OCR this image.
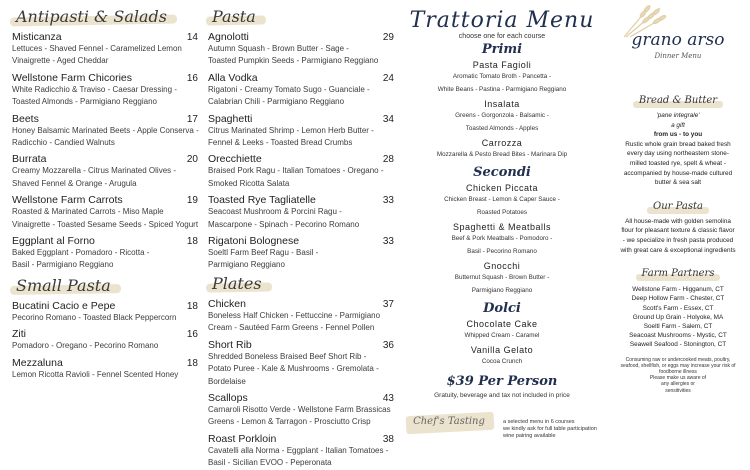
Antipasti & Salads
Misticanza	14
Lettuces - Shaved Fennel - Caramelized Lemon
Vinaigrette - Aged Cheddar
Wellstone Farm Chicories	16
White Radicchio & Traviso - Caesar Dressing -
Toasted Almonds - Parmigiano Reggiano
Beets	17
Honey Balsamic Marinated Beets - Apple Conserva -
Radicchio - Candied Walnuts
Burrata	20
Creamy Mozzarella - Citrus Marinated Olives -
Shaved Fennel & Orange - Arugula
Wellstone Farm Carrots	19
Roasted & Marinated Carrots - Miso Maple
Vinaigrette - Toasted Sesame Seeds - Spiced Yogurt
Eggplant al Forno	18
Baked Eggplant - Pomadoro - Ricotta -
Basil - Parmigiano Reggiano
Small Pasta
Bucatini Cacio e Pepe	18
Pecorino Romano - Toasted Black Peppercorn
Ziti	16
Pomadoro - Oregano - Pecorino Romano
Mezzaluna	18
Lemon Ricotta Ravioli - Fennel Scented Honey
Pasta
Agnolotti	29
Autumn Squash - Brown Butter - Sage -
Toasted Pumpkin Seeds - Parmigiano Reggiano
Alla Vodka	24
Rigatoni - Creamy Tomato Sugo - Guanciale -
Calabrian Chili - Parmigiano Reggiano
Spaghetti	34
Citrus Marinated Shrimp - Lemon Herb Butter -
Fennel & Leeks - Toasted Bread Crumbs
Orecchiette	28
Braised Pork Ragu - Italian Tomatoes - Oregano -
Smoked Ricotta Salata
Toasted Rye Tagliatelle	33
Seacoast Mushroom & Porcini Ragu -
Mascarpone - Spinach - Pecorino Romano
Rigatoni Bolognese	33
Soeltl Farm Beef Ragu - Basil -
Parmigiano Reggiano
Plates
Chicken	37
Boneless Half Chicken - Fettuccine - Parmigiano
Cream - Sautéed Farm Greens - Fennel Pollen
Short Rib	36
Shredded Boneless Braised Beef Short Rib -
Potato Puree - Kale & Mushrooms - Gremolata -
Bordelaise
Scallops	43
Carnaroli Risotto Verde - Wellstone Farm Brassicas
Greens - Lemon & Tarragon - Prosciutto Crisp
Roast Porkloin	38
Cavatelli alla Norma - Eggplant - Italian Tomatoes -
Basil - Sicilian EVOO - Peperonata
Trattoria Menu
choose one for each course
Primi
Pasta Fagioli
Aromatic Tomato Broth - Pancetta -
White Beans - Pastina - Parmigiano Reggiano
Insalata
Greens - Gorgonzola - Balsamic -
Toasted Almonds - Apples
Carrozza
Mozzarella & Pesto Bread Bites - Marinara Dip
Secondi
Chicken Piccata
Chicken Breast - Lemon & Caper Sauce -
Roasted Potatoes
Spaghetti & Meatballs
Beef & Pork Meatballs - Pomodoro -
Basil - Pecorino Romano
Gnocchi
Butternut Squash - Brown Butter -
Parmigiano Reggiano
Dolci
Chocolate Cake
Whipped Cream - Caramel
Vanilla Gelato
Cocoa Crunch
$39 Per Person
Gratuity, beverage and tax not included in price
Chef's Tasting	a selected menu in 6 courses
we kindly ask for full table participation
wine pairing available
grano arso
Dinner Menu
Bread & Butter
'pane integrale'
a gift
from us - to you
Rustic whole grain bread baked fresh
every day using northeastern stone-
milled toasted rye, spelt & wheat -
accompanied by house-made cultured
butter & sea salt
Our Pasta
All house-made with golden semolina
flour for pleasant texture & classic flavor
- we specialize in fresh pasta produced
with great care & exceptional ingredients
Farm Partners
Wellstone Farm - Higganum, CT
Deep Hollow Farm - Chester, CT
Scott's Farm - Essex, CT
Ground Up Grain - Holyoke, MA
Soeltl Farm - Salem, CT
Seacoast Mushrooms - Mystic, CT
Seawell Seafood - Stonington, CT
Consuming raw or undercooked meats, poultry,
seafood, shellfish, or eggs may increase your risk of
foodborne illness
Please make us aware of
any allergies or
sensitivities
